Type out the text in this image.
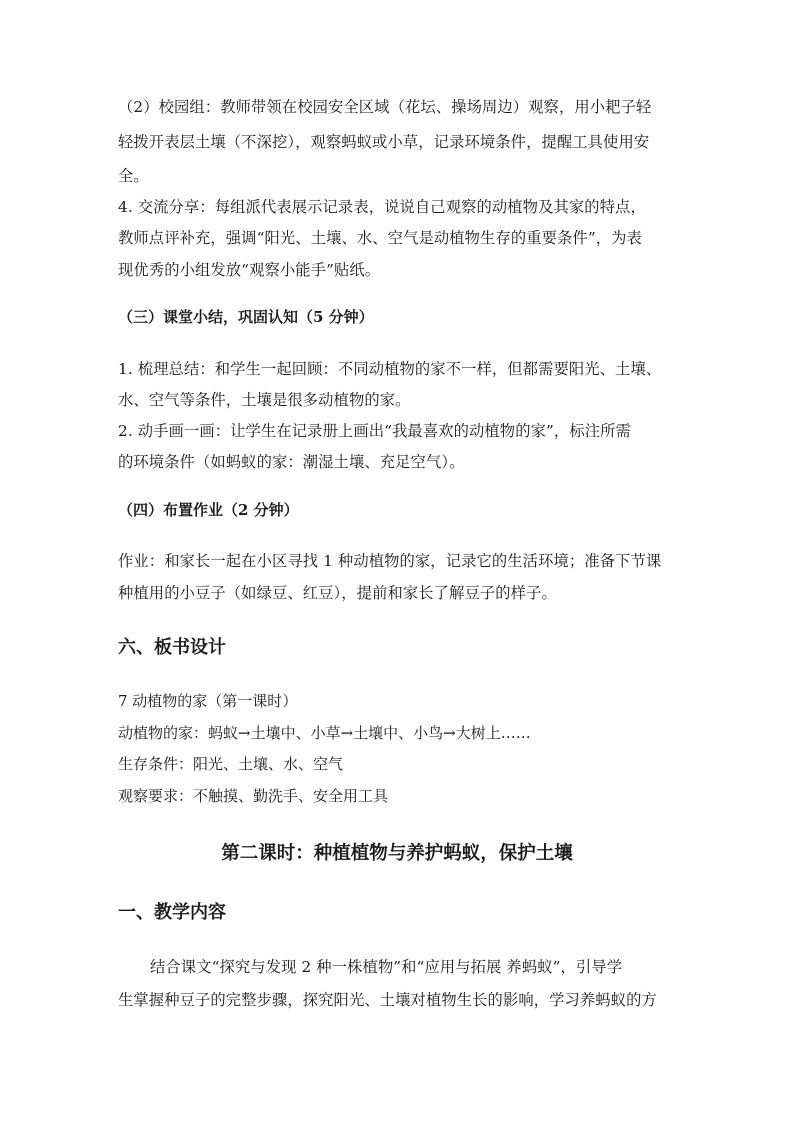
（2）校园组：教师带领在校园安全区域（花坛、操场周边）观察，用小耙子轻
轻拨开表层土壤（不深挖），观察蚂蚁或小草，记录环境条件，提醒工具使用安
全。
4. 交流分享：每组派代表展示记录表，说说自己观察的动植物及其家的特点，
教师点评补充，强调“阳光、土壤、水、空气是动植物生存的重要条件”，为表
现优秀的小组发放“观察小能手”贴纸。
（三）课堂小结，巩固认知（5 分钟）
1. 梳理总结：和学生一起回顾：不同动植物的家不一样，但都需要阳光、土壤、
水、空气等条件，土壤是很多动植物的家。
2. 动手画一画：让学生在记录册上画出“我最喜欢的动植物的家”，标注所需
的环境条件（如蚂蚁的家：潮湿土壤、充足空气）。
（四）布置作业（2 分钟）
作业：和家长一起在小区寻找 1 种动植物的家，记录它的生活环境；准备下节课
种植用的小豆子（如绿豆、红豆），提前和家长了解豆子的样子。
六、板书设计
7 动植物的家（第一课时）
动植物的家：蚂蚁→土壤中、小草→土壤中、小鸟→大树上……
生存条件：阳光、土壤、水、空气
观察要求：不触摸、勤洗手、安全用工具
第二课时：种植植物与养护蚂蚁，保护土壤
一、教学内容
结合课文“探究与发现 2 种一株植物”和“应用与拓展 养蚂蚁”，引导学
生掌握种豆子的完整步骤，探究阳光、土壤对植物生长的影响，学习养蚂蚁的方
